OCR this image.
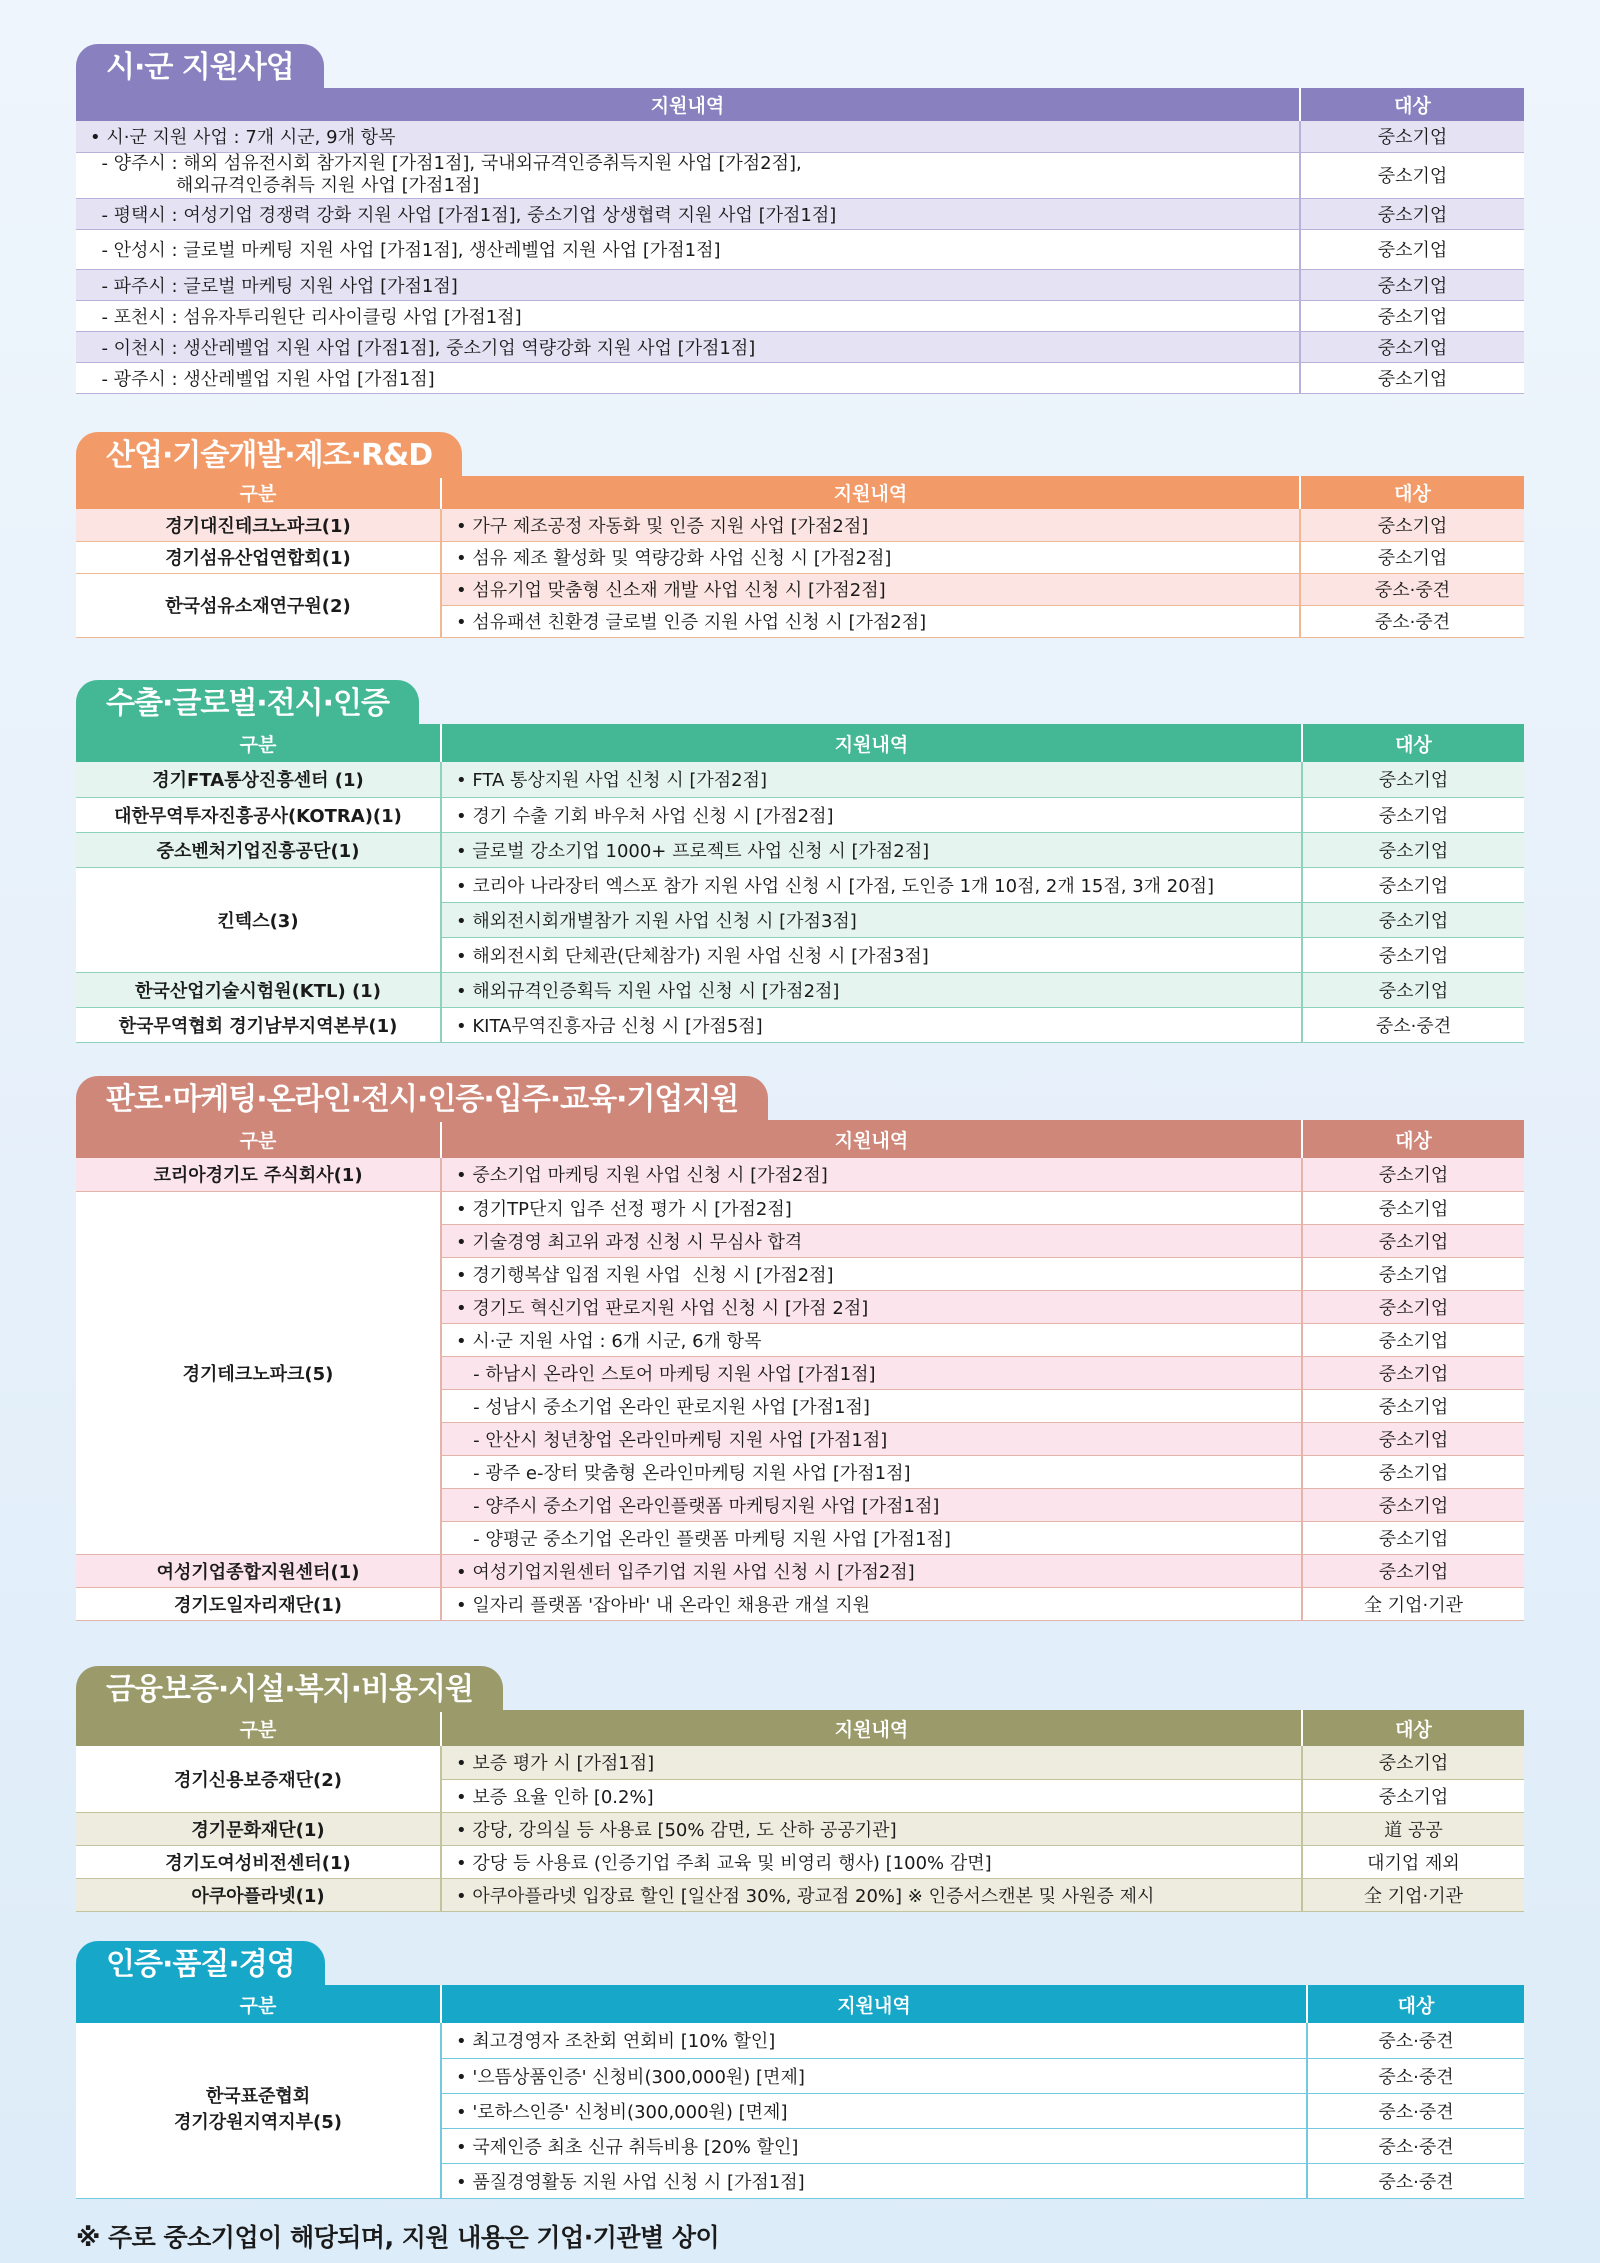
시·군 지원사업
지원내역	대상
• 시·군 지원 사업 : 7개 시군, 9개 항목	중소기업

- 양주시 : 해외 섬유전시회 참가지원 [가점1점], 국내외규격인증취득지원 사업 [가점2점],
해외규격인증취득 지원 사업 [가점1점]	중소기업
- 평택시 : 여성기업 경쟁력 강화 지원 사업 [가점1점], 중소기업 상생협력 지원 사업 [가점1점]	중소기업
- 안성시 : 글로벌 마케팅 지원 사업 [가점1점], 생산레벨업 지원 사업 [가점1점]	중소기업
- 파주시 : 글로벌 마케팅 지원 사업 [가점1점]	중소기업
- 포천시 : 섬유자투리원단 리사이클링 사업 [가점1점]	중소기업
- 이천시 : 생산레벨업 지원 사업 [가점1점], 중소기업 역량강화 지원 사업 [가점1점]	중소기업
- 광주시 : 생산레벨업 지원 사업 [가점1점]	중소기업
산업·기술개발·제조·R&D
구분	지원내역	대상
경기대진테크노파크(1)	• 가구 제조공정 자동화 및 인증 지원 사업 [가점2점]	중소기업
경기섬유산업연합회(1)	• 섬유 제조 활성화 및 역량강화 사업 신청 시 [가점2점]	중소기업
한국섬유소재연구원(2)	• 섬유기업 맞춤형 신소재 개발 사업 신청 시 [가점2점]	중소·중견
	• 섬유패션 친환경 글로벌 인증 지원 사업 신청 시 [가점2점]	중소·중견
수출·글로벌·전시·인증
구분	지원내역	대상
경기FTA통상진흥센터 (1)	• FTA 통상지원 사업 신청 시 [가점2점]	중소기업
대한무역투자진흥공사(KOTRA)(1)	• 경기 수출 기회 바우처 사업 신청 시 [가점2점]	중소기업
중소벤처기업진흥공단(1)	• 글로벌 강소기업 1000+ 프로젝트 사업 신청 시 [가점2점]	중소기업
킨텍스(3)	• 코리아 나라장터 엑스포 참가 지원 사업 신청 시 [가점, 도인증 1개 10점, 2개 15점, 3개 20점]	중소기업
	• 해외전시회개별참가 지원 사업 신청 시 [가점3점]	중소기업
	• 해외전시회 단체관(단체참가) 지원 사업 신청 시 [가점3점]	중소기업
한국산업기술시험원(KTL) (1)	• 해외규격인증획득 지원 사업 신청 시 [가점2점]	중소기업
한국무역협회 경기남부지역본부(1)	• KITA무역진흥자금 신청 시 [가점5점]	중소·중견
판로·마케팅·온라인·전시·인증·입주·교육·기업지원
구분	지원내역	대상
코리아경기도 주식회사(1)	• 중소기업 마케팅 지원 사업 신청 시 [가점2점]	중소기업
경기테크노파크(5)	• 경기TP단지 입주 선정 평가 시 [가점2점]	중소기업
	• 기술경영 최고위 과정 신청 시 무심사 합격	중소기업
	• 경기행복샵 입점 지원 사업  신청 시 [가점2점]	중소기업
	• 경기도 혁신기업 판로지원 사업 신청 시 [가점 2점]	중소기업
	• 시·군 지원 사업 : 6개 시군, 6개 항목	중소기업
	- 하남시 온라인 스토어 마케팅 지원 사업 [가점1점]	중소기업
	- 성남시 중소기업 온라인 판로지원 사업 [가점1점]	중소기업
	- 안산시 청년창업 온라인마케팅 지원 사업 [가점1점]	중소기업
	- 광주 e-장터 맞춤형 온라인마케팅 지원 사업 [가점1점]	중소기업
	- 양주시 중소기업 온라인플랫폼 마케팅지원 사업 [가점1점]	중소기업
	- 양평군 중소기업 온라인 플랫폼 마케팅 지원 사업 [가점1점]	중소기업
여성기업종합지원센터(1)	• 여성기업지원센터 입주기업 지원 사업 신청 시 [가점2점]	중소기업
경기도일자리재단(1)	• 일자리 플랫폼 '잡아바' 내 온라인 채용관 개설 지원	全 기업·기관
금융보증·시설·복지·비용지원
구분	지원내역	대상
경기신용보증재단(2)	• 보증 평가 시 [가점1점]	중소기업
	• 보증 요율 인하 [0.2%]	중소기업
경기문화재단(1)	• 강당, 강의실 등 사용료 [50% 감면, 도 산하 공공기관]	道 공공
경기도여성비전센터(1)	• 강당 등 사용료 (인증기업 주최 교육 및 비영리 행사) [100% 감면]	대기업 제외
아쿠아플라넷(1)	• 아쿠아플라넷 입장료 할인 [일산점 30%, 광교점 20%] ※ 인증서스캔본 및 사원증 제시	全 기업·기관
인증·품질·경영
구분	지원내역	대상

한국표준협회
경기강원지역지부(5)	• 최고경영자 조찬회 연회비 [10% 할인]	중소·중견
	• '으뜸상품인증' 신청비(300,000원) [면제]	중소·중견
	• '로하스인증' 신청비(300,000원) [면제]	중소·중견
	• 국제인증 최초 신규 취득비용 [20% 할인]	중소·중견
	• 품질경영활동 지원 사업 신청 시 [가점1점]	중소·중견
※ 주로 중소기업이 해당되며, 지원 내용은 기업·기관별 상이
